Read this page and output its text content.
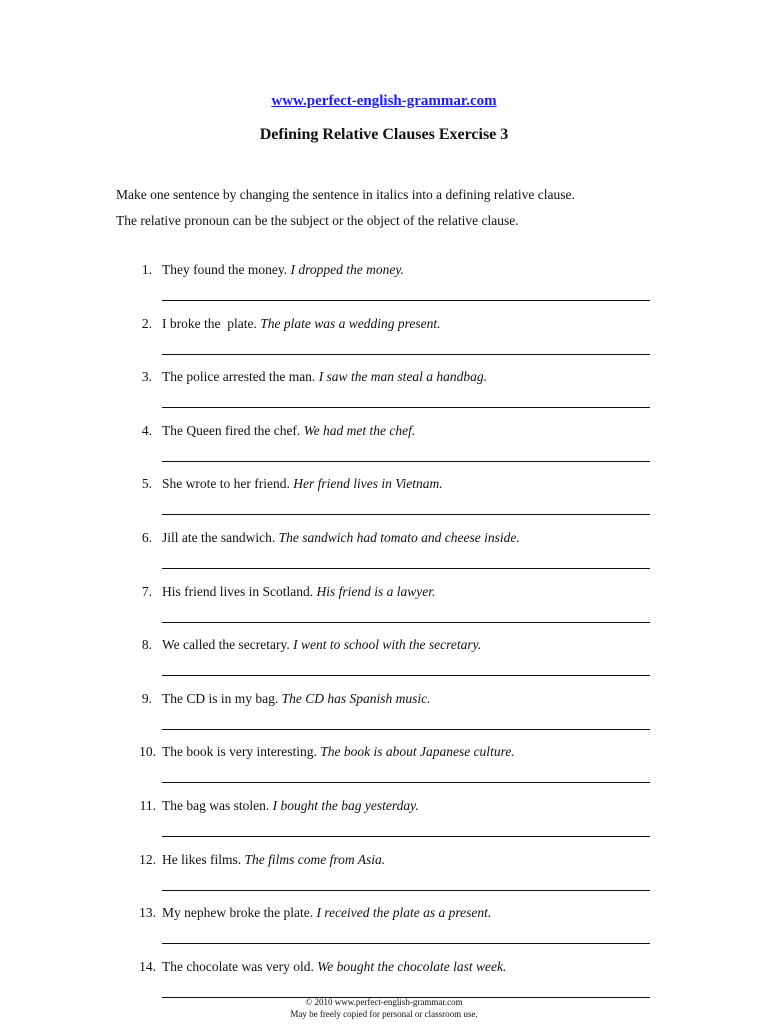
www.perfect-english-grammar.com
Defining Relative Clauses Exercise 3

Make one sentence by changing the sentence in italics into a defining relative clause.

The relative pronoun can be the subject or the object of the relative clause.

1. They found the money. I dropped the money.
2. I broke the  plate. The plate was a wedding present.
3. The police arrested the man. I saw the man steal a handbag.
4. The Queen fired the chef. We had met the chef.
5. She wrote to her friend. Her friend lives in Vietnam.
6. Jill ate the sandwich. The sandwich had tomato and cheese inside.
7. His friend lives in Scotland. His friend is a lawyer.
8. We called the secretary. I went to school with the secretary.
9. The CD is in my bag. The CD has Spanish music.
10. The book is very interesting. The book is about Japanese culture.
11. The bag was stolen. I bought the bag yesterday.
12. He likes films. The films come from Asia.
13. My nephew broke the plate. I received the plate as a present.
14. The chocolate was very old. We bought the chocolate last week.
© 2010 www.perfect-english-grammar.com
May be freely copied for personal or classroom use.
